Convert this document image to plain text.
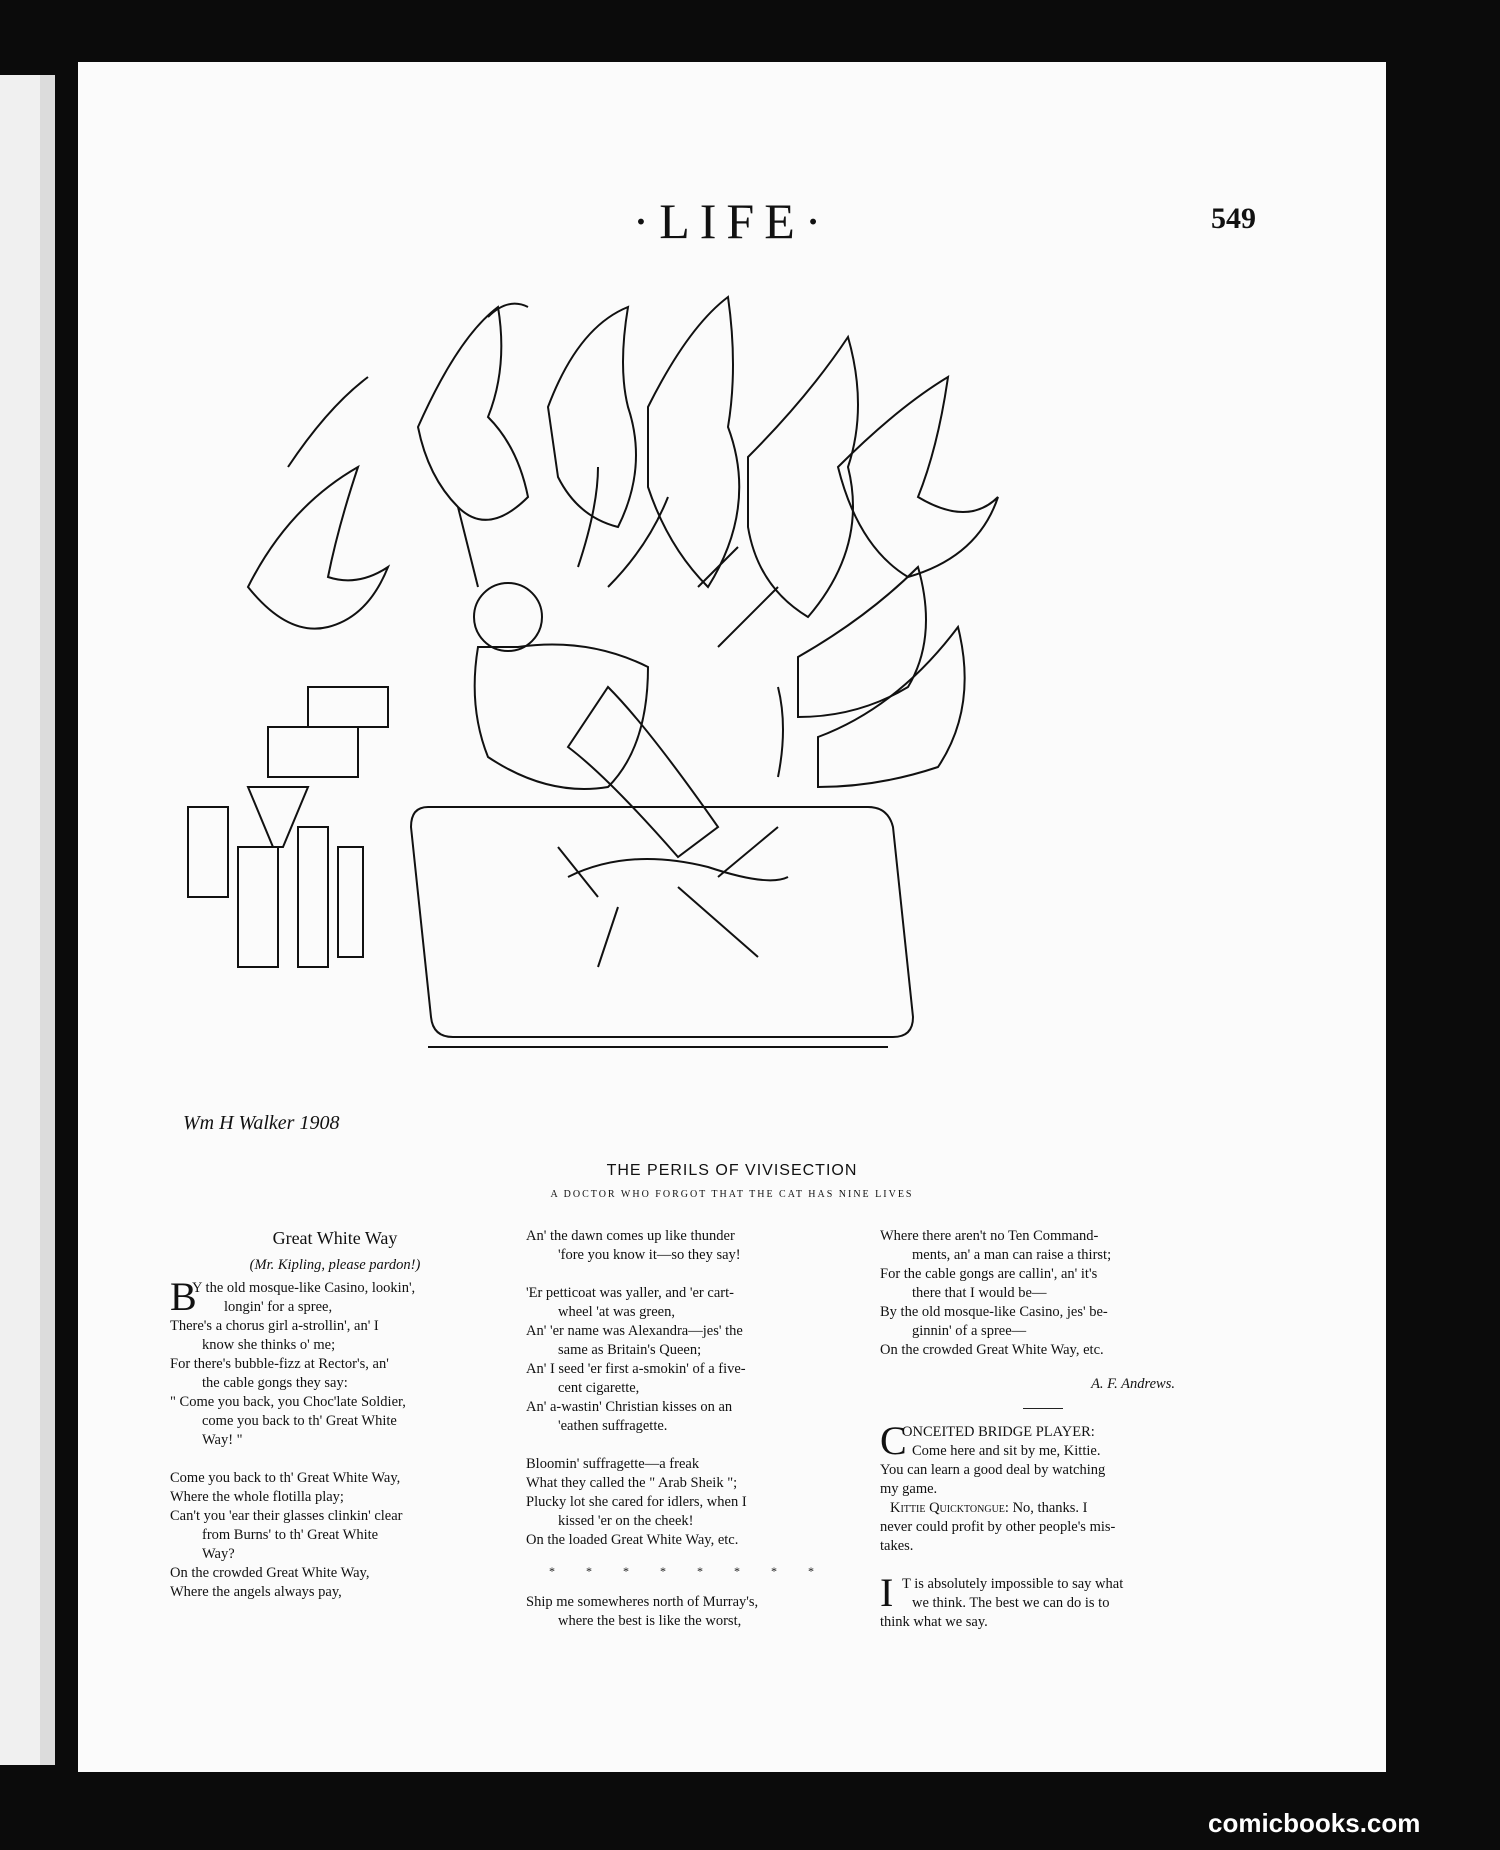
·LIFE·	549
Wm H Walker 1908
THE PERILS OF VIVISECTION
A DOCTOR WHO FORGOT THAT THE CAT HAS NINE LIVES
Great White Way
(Mr. Kipling, please pardon!)
B

Y the old mosque-like Casino, lookin',

longin' for a spree,

There's a chorus girl a-strollin', an' I

know she thinks o' me;

For there's bubble-fizz at Rector's, an'

the cable gongs they say:

" Come you back, you Choc'late Soldier,

come you back to th' Great White

Way! "

Come you back to th' Great White Way,

Where the whole flotilla play;

Can't you 'ear their glasses clinkin' clear

from Burns' to th' Great White

Way?

On the crowded Great White Way,

Where the angels always pay,

An' the dawn comes up like thunder

'fore you know it—so they say!

'Er petticoat was yaller, and 'er cart-

wheel 'at was green,

An' 'er name was Alexandra—jes' the

same as Britain's Queen;

An' I seed 'er first a-smokin' of a five-

cent cigarette,

An' a-wastin' Christian kisses on an

'eathen suffragette.

Bloomin' suffragette—a freak

What they called the " Arab Sheik ";

Plucky lot she cared for idlers, when I

kissed 'er on the cheek!

On the loaded Great White Way, etc.

* * * * * * * *

Ship me somewheres north of Murray's,

where the best is like the worst,

Where there aren't no Ten Command-

ments, an' a man can raise a thirst;

For the cable gongs are callin', an' it's

there that I would be—

By the old mosque-like Casino, jes' be-

ginnin' of a spree—

On the crowded Great White Way, etc.

A. F. Andrews.

C

ONCEITED BRIDGE PLAYER:

Come here and sit by me, Kittie.

You can learn a good deal by watching

my game.

Kittie Quicktongue: No, thanks. I

never could profit by other people's mis-

takes.

I T is absolutely impossible to say what

we think. The best we can do is to

think what we say.

comicbooks.com
